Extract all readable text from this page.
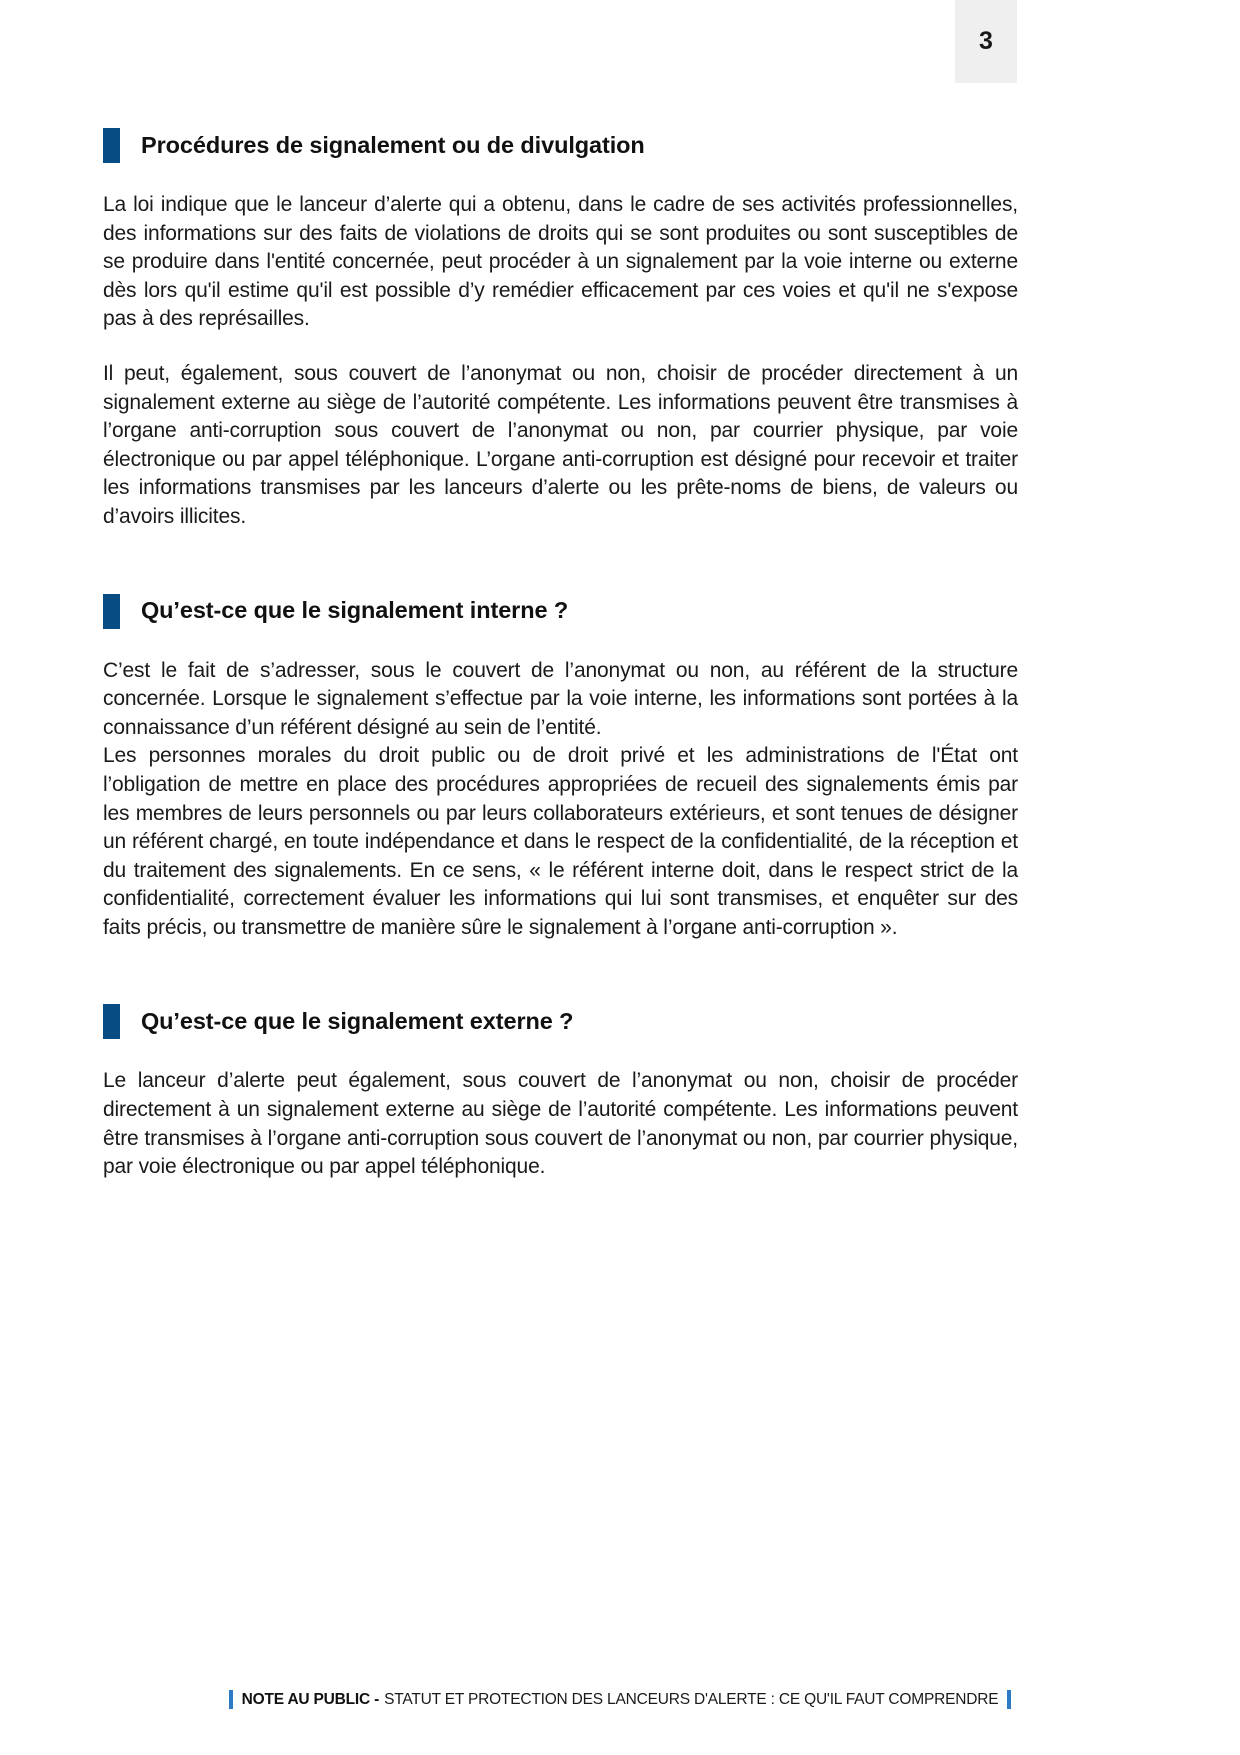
3
Procédures de signalement ou de divulgation

La loi indique que le lanceur d’alerte qui a obtenu, dans le cadre de ses activités professionnelles, des informations sur des faits de violations de droits qui se sont produites ou sont susceptibles de se produire dans l'entité concernée, peut procéder à un signalement par la voie interne ou externe dès lors qu'il estime qu'il est possible d’y remédier efficacement par ces voies et qu'il ne s'expose pas à des représailles.

Il peut, également, sous couvert de l’anonymat ou non, choisir de procéder directement à un signalement externe au siège de l’autorité compétente. Les informations peuvent être transmises à l’organe anti-corruption sous couvert de l’anonymat ou non, par courrier physique, par voie électronique ou par appel téléphonique. L’organe anti-corruption est désigné pour recevoir et traiter les informations transmises par les lanceurs d’alerte ou les prête-noms de biens, de valeurs ou d’avoirs illicites.

Qu’est-ce que le signalement interne ?

C’est le fait de s’adresser, sous le couvert de l’anonymat ou non, au référent de la structure concernée. Lorsque le signalement s’effectue par la voie interne, les informations sont portées à la connaissance d’un référent désigné au sein de l’entité.

Les personnes morales du droit public ou de droit privé et les administrations de l'État ont l’obligation de mettre en place des procédures appropriées de recueil des signalements émis par les membres de leurs personnels ou par leurs collaborateurs extérieurs, et sont tenues de désigner un référent chargé, en toute indépendance et dans le respect de la confidentialité, de la réception et du traitement des signalements. En ce sens, « le référent interne doit, dans le respect strict de la confidentialité, correctement évaluer les informations qui lui sont transmises, et enquêter sur des faits précis, ou transmettre de manière sûre le signalement à l’organe anti-corruption ».

Qu’est-ce que le signalement externe ?

Le lanceur d’alerte peut également, sous couvert de l’anonymat ou non, choisir de procéder directement à un signalement externe au siège de l’autorité compétente. Les informations peuvent être transmises à l’organe anti-corruption sous couvert de l’anonymat ou non, par courrier physique, par voie électronique ou par appel téléphonique.

NOTE AU PUBLIC - STATUT ET PROTECTION DES LANCEURS D'ALERTE : CE QU'IL FAUT COMPRENDRE
